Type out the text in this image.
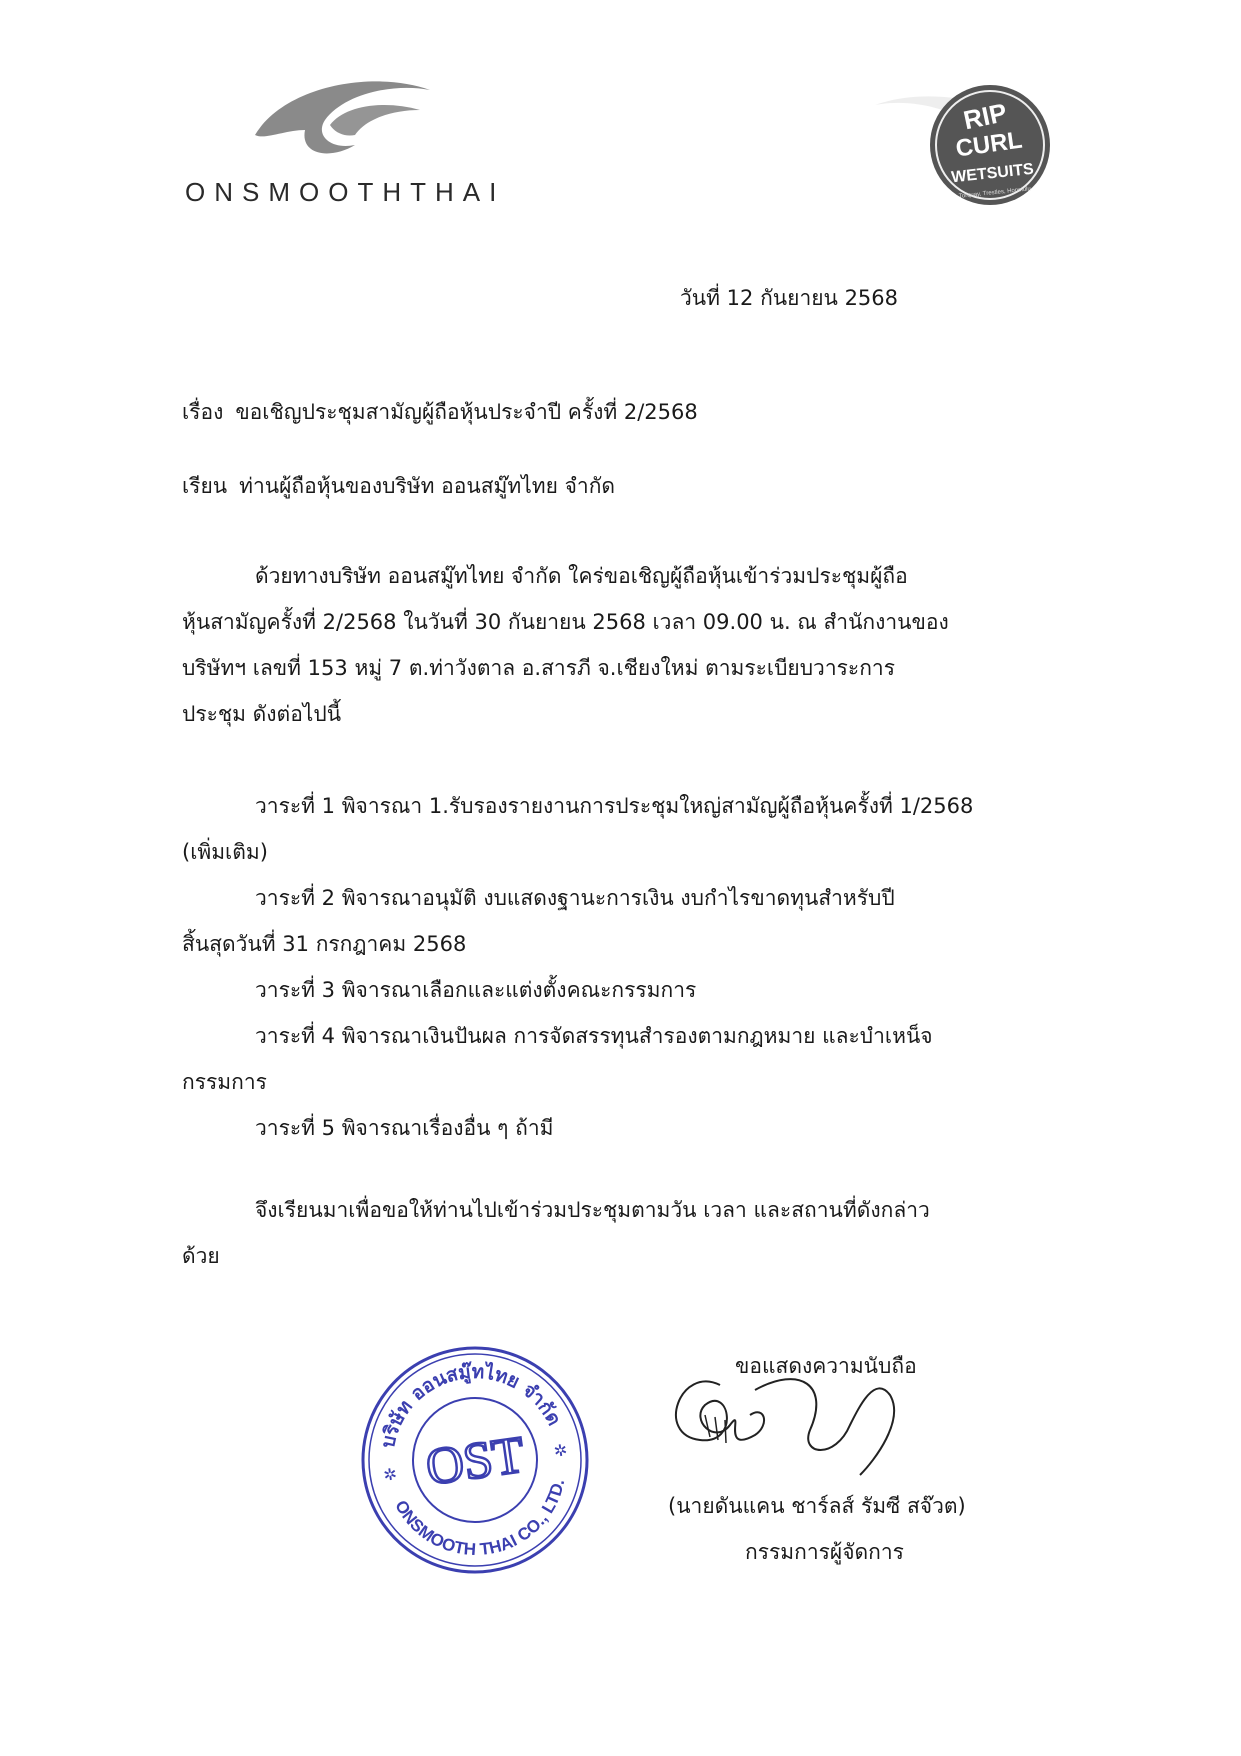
ONSMOOTHTHAI
RIP
CURL
WETSUITS
Torquay, Trestles, Honolulu
วันที่ 12 กันยายน 2568
เรื่อง ขอเชิญประชุมสามัญผู้ถือหุ้นประจำปี ครั้งที่ 2/2568
เรียน ท่านผู้ถือหุ้นของบริษัท ออนสมู๊ทไทย จำกัด
ด้วยทางบริษัท ออนสมู๊ทไทย จำกัด ใคร่ขอเชิญผู้ถือหุ้นเข้าร่วมประชุมผู้ถือ
หุ้นสามัญครั้งที่ 2/2568 ในวันที่ 30 กันยายน 2568 เวลา 09.00 น. ณ สำนักงานของ
บริษัทฯ เลขที่ 153 หมู่ 7 ต.ท่าวังตาล อ.สารภี จ.เชียงใหม่ ตามระเบียบวาระการ
ประชุม ดังต่อไปนี้
วาระที่ 1 พิจารณา 1.รับรองรายงานการประชุมใหญ่สามัญผู้ถือหุ้นครั้งที่ 1/2568
(เพิ่มเติม)
วาระที่ 2 พิจารณาอนุมัติ งบแสดงฐานะการเงิน งบกำไรขาดทุนสำหรับปี
สิ้นสุดวันที่ 31 กรกฎาคม 2568
วาระที่ 3 พิจารณาเลือกและแต่งตั้งคณะกรรมการ
วาระที่ 4 พิจารณาเงินปันผล การจัดสรรทุนสำรองตามกฎหมาย และบำเหน็จ
กรรมการ
วาระที่ 5 พิจารณาเรื่องอื่น ๆ ถ้ามี
จึงเรียนมาเพื่อขอให้ท่านไปเข้าร่วมประชุมตามวัน เวลา และสถานที่ดังกล่าว
ด้วย
บริษัท ออนสมู๊ทไทย จำกัด
ONSMOOTH THAI CO., LTD.
OST
✲
✲
ขอแสดงความนับถือ
(นายดันแคน ชาร์ลส์ รัมซี สจ๊วต)
กรรมการผู้จัดการ
